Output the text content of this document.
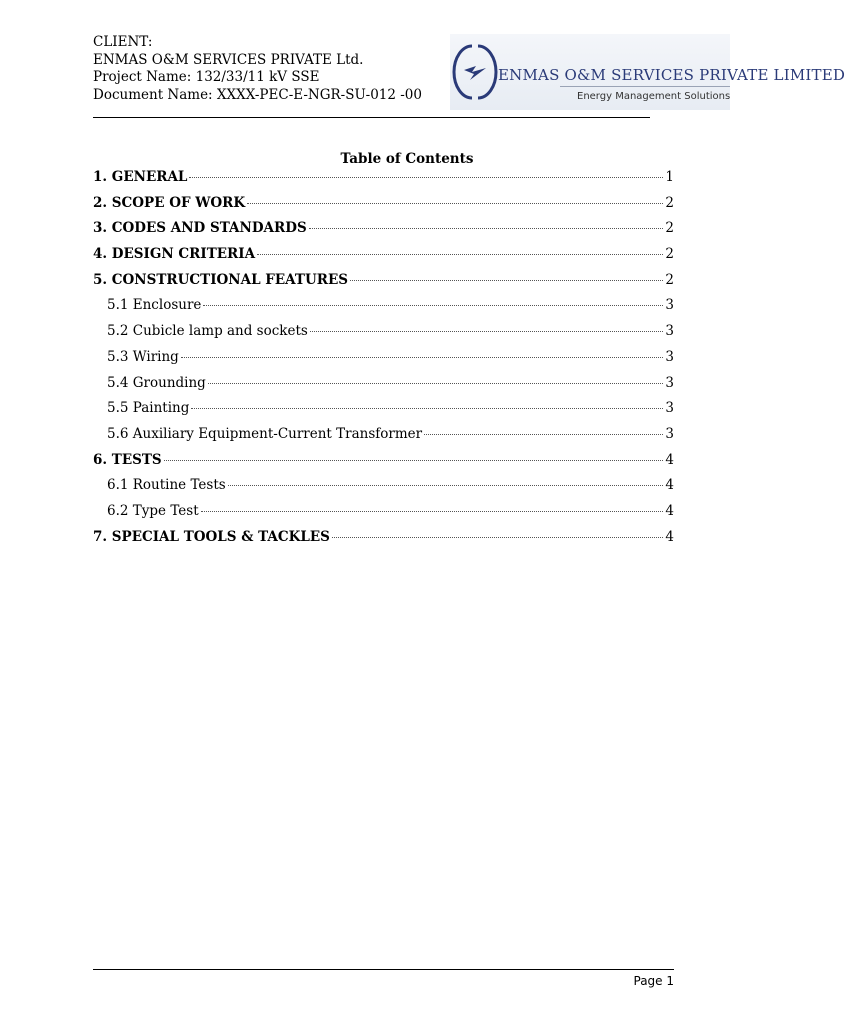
CLIENT:
ENMAS O&M SERVICES PRIVATE Ltd.
Project Name: 132/33/11 kV SSE
Document Name: XXXX-PEC-E-NGR-SU-012 -00
ENMAS O&M SERVICES PRIVATE LIMITED
Energy Management Solutions
Table of Contents
1. GENERAL	1
2. SCOPE OF WORK	2
3. CODES AND STANDARDS	2
4. DESIGN CRITERIA	2
5. CONSTRUCTIONAL FEATURES	2
5.1 Enclosure	3
5.2 Cubicle lamp and sockets	3
5.3 Wiring	3
5.4 Grounding	3
5.5 Painting	3
5.6 Auxiliary Equipment-Current Transformer	3
6. TESTS	4
6.1 Routine Tests	4
6.2 Type Test	4
7. SPECIAL TOOLS & TACKLES	4
Page 1
